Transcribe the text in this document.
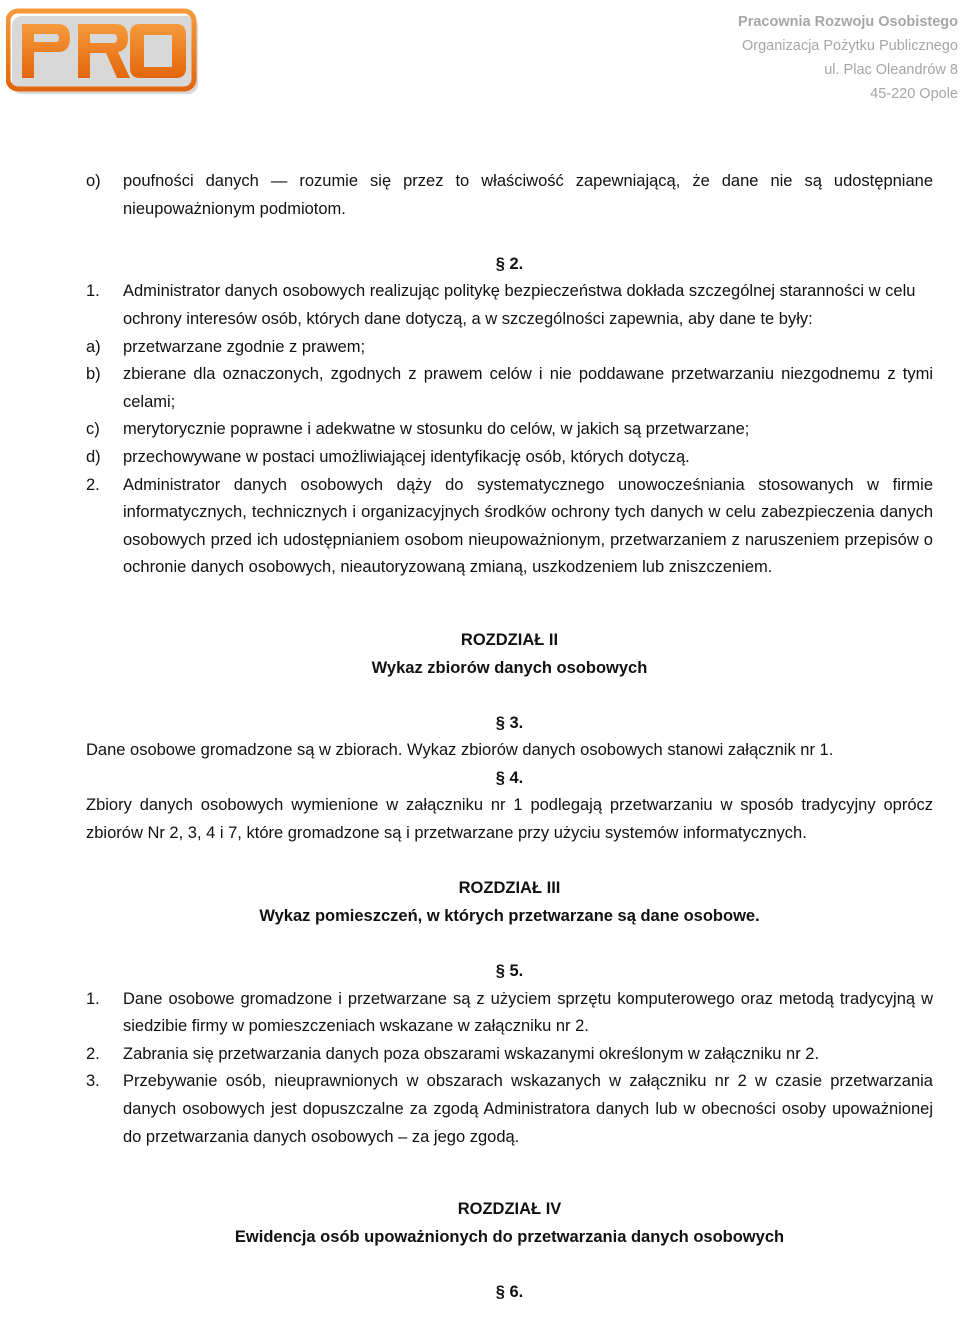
Pracownia Rozwoju Osobistego
Organizacja Pożytku Publicznego
ul. Plac Oleandrów 8
45-220 Opole
o)	poufności danych — rozumie się przez to właściwość zapewniającą, że dane nie są udostępniane nieupoważnionym podmiotom.
§ 2.
1.	Administrator danych osobowych realizując politykę bezpieczeństwa dokłada szczególnej staranności w celu ochrony interesów osób, których dane dotyczą, a w szczególności zapewnia, aby dane te były:
a)	przetwarzane zgodnie z prawem;
b)	zbierane dla oznaczonych, zgodnych z prawem celów i nie poddawane przetwarzaniu niezgodnemu z tymi celami;
c)	merytorycznie poprawne i adekwatne w stosunku do celów, w jakich są przetwarzane;
d)	przechowywane w postaci umożliwiającej identyfikację osób, których dotyczą.
2.	Administrator danych osobowych dąży do systematycznego unowocześniania stosowanych w firmie informatycznych, technicznych i organizacyjnych środków ochrony tych danych w celu zabezpieczenia danych osobowych przed ich udostępnianiem osobom nieupoważnionym, przetwarzaniem z naruszeniem przepisów o ochronie danych osobowych, nieautoryzowaną zmianą, uszkodzeniem lub zniszczeniem.
ROZDZIAŁ II
Wykaz zbiorów danych osobowych
§ 3.
Dane osobowe gromadzone są w zbiorach. Wykaz zbiorów danych osobowych stanowi załącznik nr 1.
§ 4.
Zbiory danych osobowych wymienione w załączniku nr 1 podlegają przetwarzaniu w sposób tradycyjny oprócz zbiorów Nr 2, 3, 4 i 7, które gromadzone są i przetwarzane przy użyciu systemów informatycznych.
ROZDZIAŁ III
Wykaz pomieszczeń, w których przetwarzane są dane osobowe.
§ 5.
1.	Dane osobowe gromadzone i przetwarzane są z użyciem sprzętu komputerowego oraz metodą tradycyjną w siedzibie firmy w pomieszczeniach wskazane w załączniku nr 2.
2.	Zabrania się przetwarzania danych poza obszarami wskazanymi określonym w załączniku nr 2.
3.	Przebywanie osób, nieuprawnionych w obszarach wskazanych w załączniku nr 2 w czasie przetwarzania danych osobowych jest dopuszczalne za zgodą Administratora danych lub w obecności osoby upoważnionej do przetwarzania danych osobowych – za jego zgodą.
ROZDZIAŁ IV
Ewidencja osób upoważnionych do przetwarzania danych osobowych
§ 6.
